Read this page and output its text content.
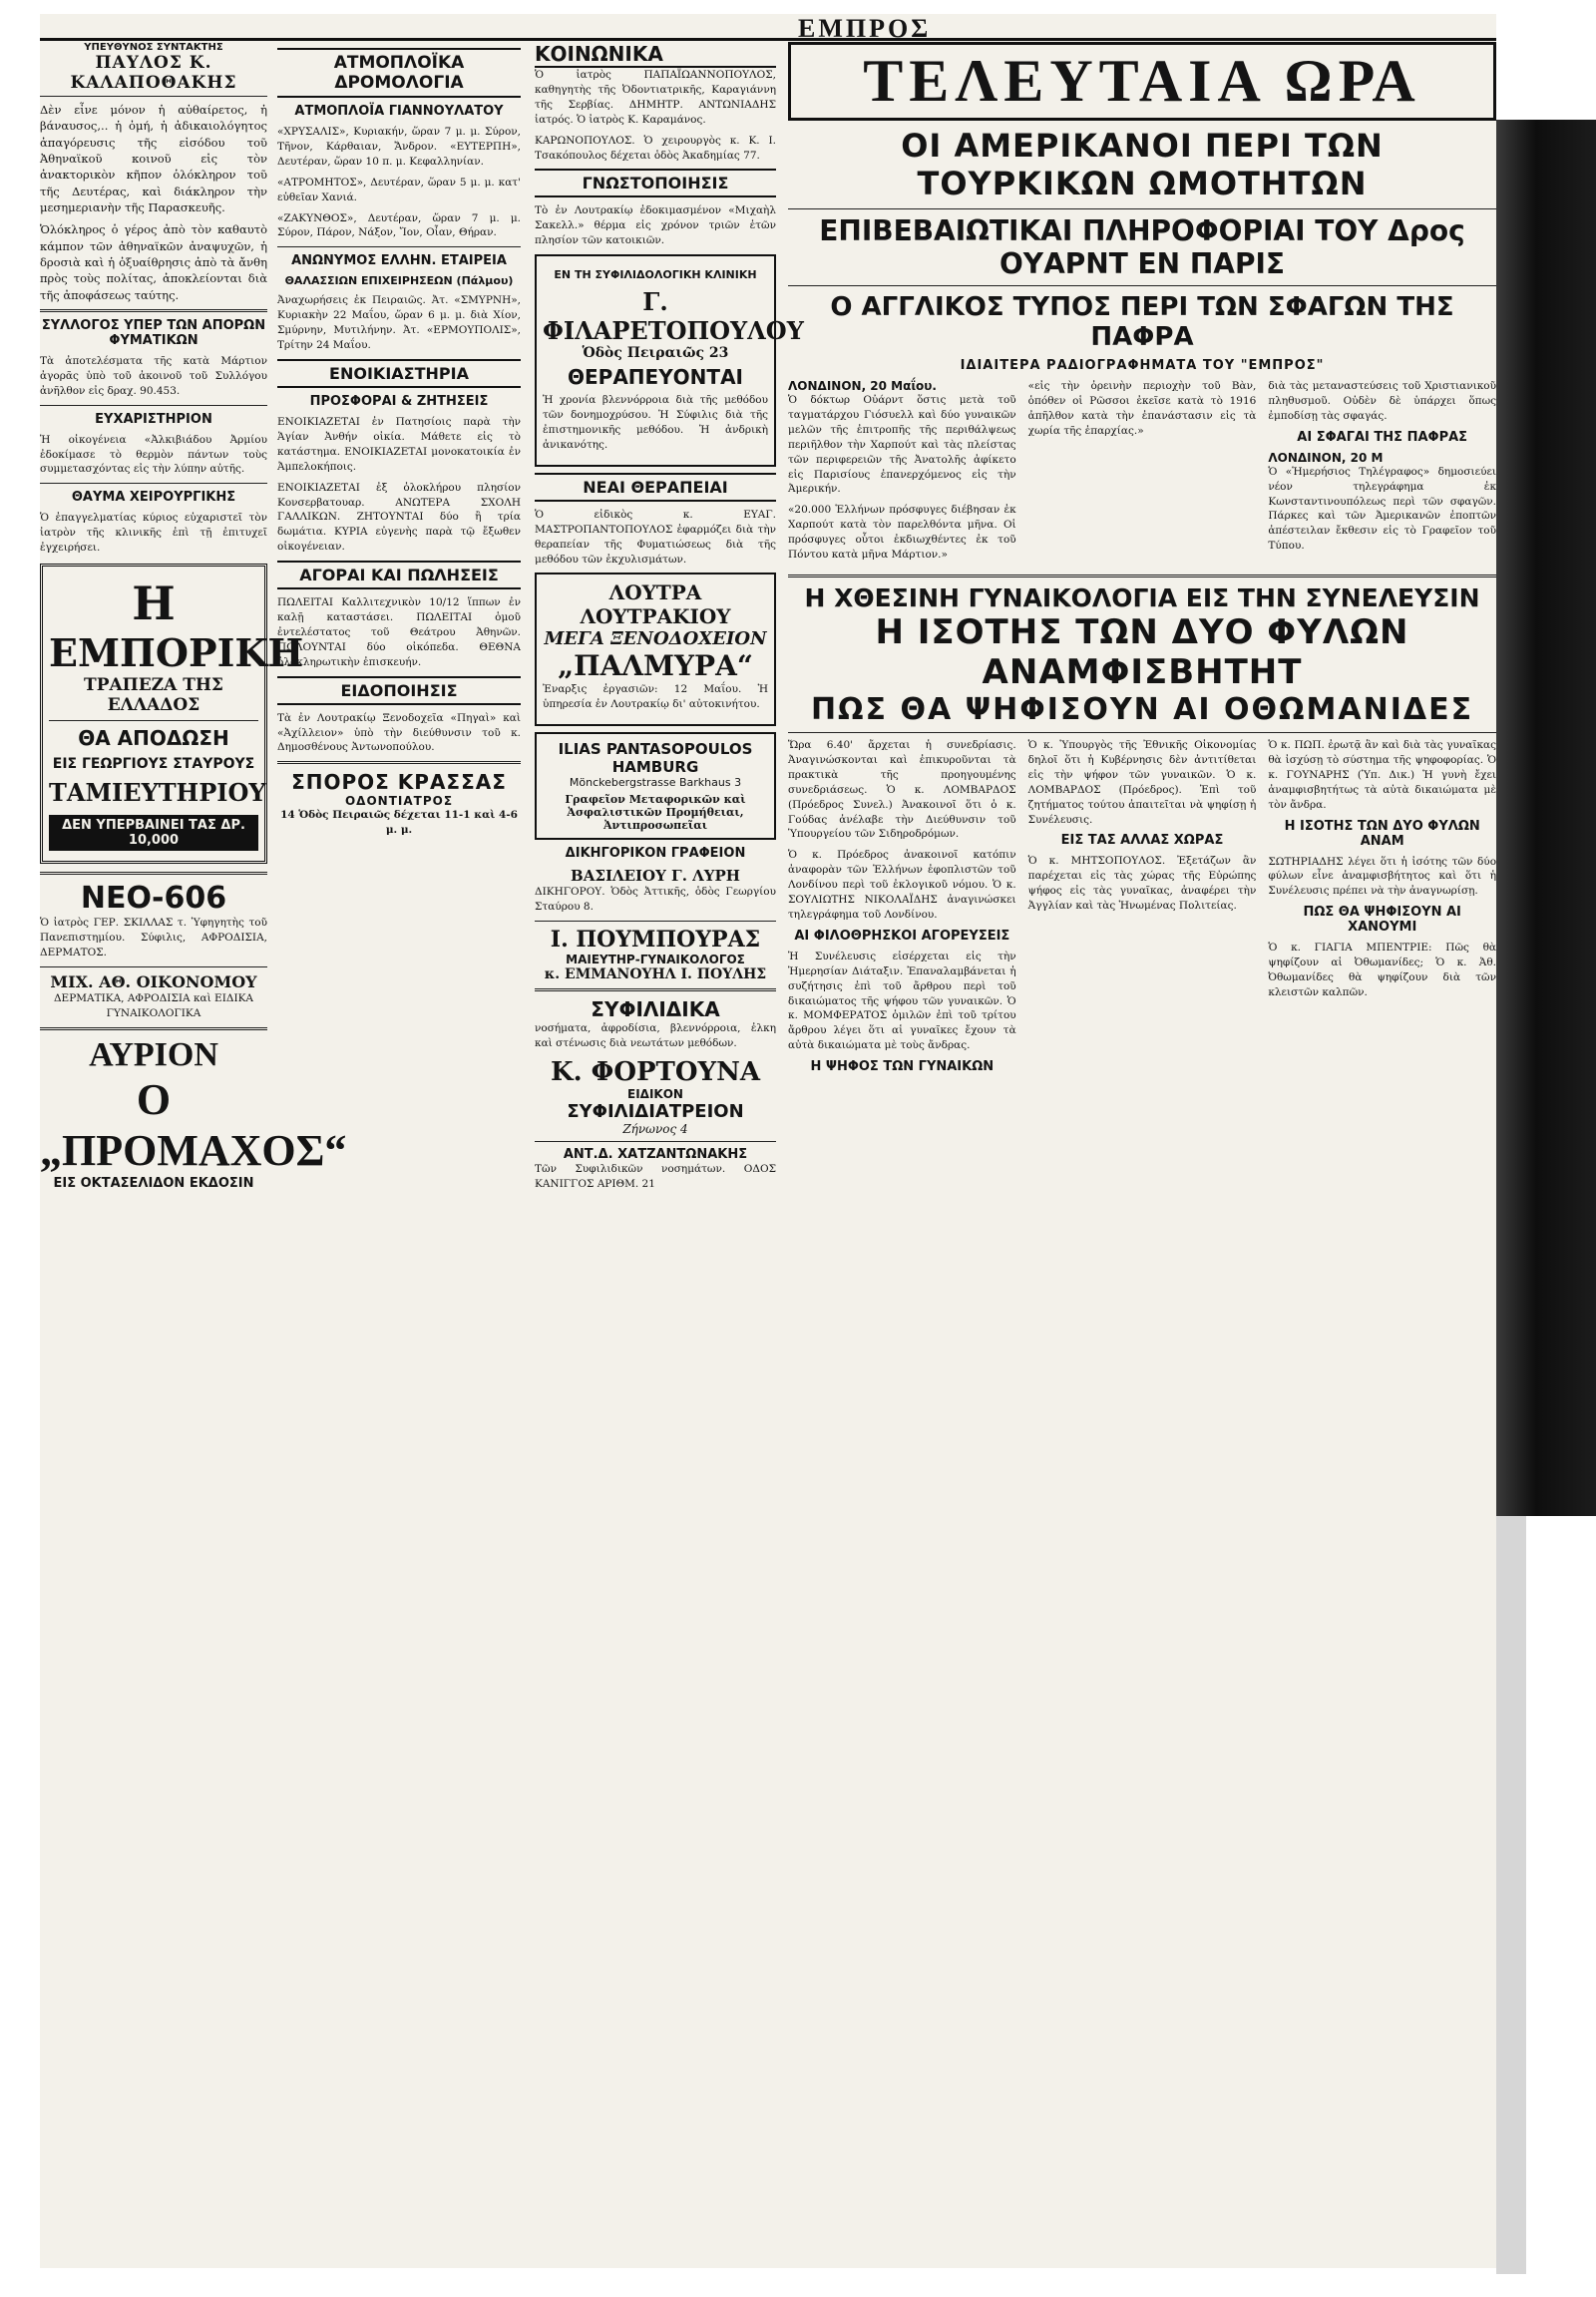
ΕΜΠΡΟΣ
ΥΠΕΥΘΥΝΟΣ ΣΥΝΤΑΚΤΗΣ
ΠΑΥΛΟΣ Κ. ΚΑΛΑΠΟΘΑΚΗΣ

Δὲν εἶνε μόνον ἡ αὐθαίρετος, ἡ βάναυσος,.. ἡ ὀμή, ἡ ἀδικαιολόγητος ἀπαγόρευσις τῆς εἰσόδου τοῦ Ἀθηναϊκοῦ κοινοῦ εἰς τὸν ἀνακτορικὸν κῆπον ὁλόκληρον τοῦ τῆς Δευτέρας, καὶ διάκληρον τὴν μεσημεριανὴν τῆς Παρασκευῆς.

Ὁλόκληρος ὁ γέρος ἀπὸ τὸν καθαυτὸ κάμπον τῶν ἀθηναϊκῶν ἀναψυχῶν, ἡ δροσιὰ καὶ ἡ ὀξυαίθρησις ἀπὸ τὰ ἄνθη πρὸς τοὺς πολίτας, ἀποκλείονται διὰ τῆς ἀποφάσεως ταύτης.

ΣΥΛΛΟΓΟΣ ΥΠΕΡ ΤΩΝ ΑΠΟΡΩΝ ΦΥΜΑΤΙΚΩΝ

Τὰ ἀποτελέσματα τῆς κατὰ Μάρτιον ἀγορᾶς ὑπὸ τοῦ ἀκοινοῦ τοῦ Συλλόγου ἀνῆλθον εἰς δραχ. 90.453.

ΕΥΧΑΡΙΣΤΗΡΙΟΝ

Ἡ οἰκογένεια «Ἀλκιβιάδου Ἀρμίου ἐδοκίμασε τὸ θερμὸν πάντων τοὺς συμμετασχόντας εἰς τὴν λύπην αὐτῆς.

ΘΑΥΜΑ ΧΕΙΡΟΥΡΓΙΚΗΣ

Ὁ ἐπαγγελματίας κύριος εὐχαριστεῖ τὸν ἰατρὸν τῆς κλινικῆς ἐπὶ τῇ ἐπιτυχεῖ ἐγχειρήσει.

Η
ΕΜΠΟΡΙΚΗ
ΤΡΑΠΕΖΑ ΤΗΣ ΕΛΛΑΔΟΣ
ΘΑ ΑΠΟΔΩΣΗ
ΕΙΣ ΓΕΩΡΓΙΟΥΣ ΣΤΑΥΡΟΥΣ
ΤΑΜΙΕΥΤΗΡΙΟΥ
ΔΕΝ ΥΠΕΡΒΑΙΝΕΙ ΤΑΣ ΔΡ. 10,000
ΝΕΟ-606

Ὁ ἰατρὸς ΓΕΡ. ΣΚΙΛΛΑΣ τ. Ὑφηγητὴς τοῦ Πανεπιστημίου. Σύφιλις, ΑΦΡΟΔΙΣΙΑ, ΔΕΡΜΑΤΟΣ.

ΜΙΧ. ΑΘ. ΟΙΚΟΝΟΜΟΥ

ΔΕΡΜΑΤΙΚΑ, ΑΦΡΟΔΙΣΙΑ καὶ ΕΙΔΙΚΑ ΓΥΝΑΙΚΟΛΟΓΙΚΑ

ΑΥΡΙΟΝ
Ο „ΠΡΟΜΑΧΟΣ“
ΕΙΣ ΟΚΤΑΣΕΛΙΔΟΝ ΕΚΔΟΣΙΝ
ΑΤΜΟΠΛΟΪΚΑ ΔΡΟΜΟΛΟΓΙΑ
ΑΤΜΟΠΛΟΪΑ ΓΙΑΝΝΟΥΛΑΤΟΥ

«ΧΡΥΣΑΛΙΣ», Κυριακήν, ὥραν 7 μ. μ. Σύρον, Τῆνον, Κάρθαιαν, Ἄνδρον. «ΕΥΤΕΡΠΗ», Δευτέραν, ὥραν 10 π. μ. Κεφαλληνίαν.

«ΑΤΡΟΜΗΤΟΣ», Δευτέραν, ὥραν 5 μ. μ. κατ' εὐθεῖαν Χανιά.

«ΖΑΚΥΝΘΟΣ», Δευτέραν, ὥραν 7 μ. μ. Σύρον, Πάρον, Νάξον, Ἴον, Οἶαν, Θήραν.

ΑΝΩΝΥΜΟΣ ΕΛΛΗΝ. ΕΤΑΙΡΕΙΑ
ΘΑΛΑΣΣΙΩΝ ΕΠΙΧΕΙΡΗΣΕΩΝ (Πάλμου)

Ἀναχωρήσεις ἐκ Πειραιῶς. Ἀτ. «ΣΜΥΡΝΗ», Κυριακὴν 22 Μαΐου, ὥραν 6 μ. μ. διὰ Χίον, Σμύρνην, Μυτιλήνην. Ἀτ. «ΕΡΜΟΥΠΟΛΙΣ», Τρίτην 24 Μαΐου.

ΕΝΟΙΚΙΑΣΤΗΡΙΑ
ΠΡΟΣΦΟΡΑΙ & ΖΗΤΗΣΕΙΣ

ΕΝΟΙΚΙΑΖΕΤΑΙ ἐν Πατησίοις παρὰ τὴν Ἁγίαν Ἀνθήν οἰκία. Μάθετε εἰς τὸ κατάστημα. ΕΝΟΙΚΙΑΖΕΤΑΙ μονοκατοικία ἐν Ἀμπελοκήποις.

ΕΝΟΙΚΙΑΖΕΤΑΙ ἐξ ὁλοκλήρου πλησίον Κονσερβατουαρ. ΑΝΩΤΕΡΑ ΣΧΟΛΗ ΓΑΛΛΙΚΩΝ. ΖΗΤΟΥΝΤΑΙ δύο ἢ τρία δωμάτια. ΚΥΡΙΑ εὐγενὴς παρὰ τῷ ἔξωθεν οἰκογένειαν.

ΑΓΟΡΑΙ ΚΑΙ ΠΩΛΗΣΕΙΣ

ΠΩΛΕΙΤΑΙ Καλλιτεχνικὸν 10/12 ἵππων ἐν καλῇ καταστάσει. ΠΩΛΕΙΤΑΙ ὁμοῦ ἐντελέστατος τοῦ Θεάτρου Ἀθηνῶν. ΠΩΛΟΥΝΤΑΙ δύο οἰκόπεδα. ΘΕΘΝΑ ὀλοκληρωτικὴν ἐπισκευήν.

ΕΙΔΟΠΟΙΗΣΙΣ

Τὰ ἐν Λουτρακίῳ Ξενοδοχεῖα «Πηγαὶ» καὶ «Ἀχίλλειον» ὑπὸ τὴν διεύθυνσιν τοῦ κ. Δημοσθένους Ἀντωνοπούλου.

ΣΠΟΡΟΣ ΚΡΑΣΣΑΣ
ΟΔΟΝΤΙΑΤΡΟΣ

14 Ὁδὸς Πειραιῶς δέχεται 11-1 καὶ 4-6 μ. μ.

ΚΟΙΝΩΝΙΚΑ

Ὁ ἰατρὸς ΠΑΠΑΪΩΑΝΝΟΠΟΥΛΟΣ, καθηγητὴς τῆς Ὀδοντιατρικῆς, Καραγιάννη τῆς Σερβίας. ΔΗΜΗΤΡ. ΑΝΤΩΝΙΑΔΗΣ ἰατρός. Ὁ ἰατρὸς Κ. Καραμάνος.

ΚΑΡΩΝΟΠΟΥΛΟΣ. Ὁ χειρουργὸς κ. Κ. Ι. Τσακόπουλος δέχεται ὁδὸς Ἀκαδημίας 77.

ΓΝΩΣΤΟΠΟΙΗΣΙΣ

Τὸ ἐν Λουτρακίῳ ἐδοκιμασμένον «Μιχαὴλ Σακελλ.» θέρμα εἰς χρόνον τριῶν ἐτῶν πλησίον τῶν κατοικιῶν.

ΕΝ ΤΗ ΣΥΦΙΛΙΔΟΛΟΓΙΚΗ ΚΛΙΝΙΚΗ
Γ. ΦΙΛΑΡΕΤΟΠΟΥΛΟΥ
Ὁδὸς Πειραιῶς 23
ΘΕΡΑΠΕΥΟΝΤΑΙ

Ἡ χρονία βλεννόρροια διὰ τῆς μεθόδου τῶν δονημοχρύσου. Ἡ Σύφιλις διὰ τῆς ἐπιστημονικῆς μεθόδου. Ἡ ἀνδρικὴ ἀνικανότης.

ΝΕΑΙ ΘΕΡΑΠΕΙΑΙ

Ὁ εἰδικὸς κ. ΕΥΑΓ. ΜΑΣΤΡΟΠΑΝΤΟΠΟΥΛΟΣ ἐφαρμόζει διὰ τὴν θεραπείαν τῆς Φυματιώσεως διὰ τῆς μεθόδου τῶν ἐκχυλισμάτων.

ΛΟΥΤΡΑ ΛΟΥΤΡΑΚΙΟΥ
ΜΕΓΑ ΞΕΝΟΔΟΧΕΙΟΝ
„ΠΑΛΜΥΡΑ“

Ἐναρξις ἐργασιῶν: 12 Μαΐου. Ἡ ὑπηρεσία ἐν Λουτρακίῳ δι' αὐτοκινήτου.

ILIAS PANTASOPOULOS
HAMBURG
Mönckebergstrasse Barkhaus 3
Γραφεῖον Μεταφορικῶν καὶ Ἀσφαλιστικῶν Προμήθειαι, Ἀντιπροσωπεῖαι
ΔΙΚΗΓΟΡΙΚΟΝ ΓΡΑΦΕΙΟΝ
ΒΑΣΙΛΕΙΟΥ Γ. ΛΥΡΗ

ΔΙΚΗΓΟΡΟΥ. Ὁδὸς Ἀττικῆς, ὁδὸς Γεωργίου Σταύρου 8.

Ι. ΠΟΥΜΠΟΥΡΑΣ
ΜΑΙΕΥΤΗΡ-ΓΥΝΑΙΚΟΛΟΓΟΣ
κ. ΕΜΜΑΝΟΥΗΛ Ι. ΠΟΥΛΗΣ
ΣΥΦΙΛΙΔΙΚΑ

νοσήματα, ἀφροδίσια, βλεννόρροια, ἐλκη καὶ στένωσις διὰ νεωτάτων μεθόδων.

Κ. ΦΟΡΤΟΥΝΑ
ΕΙΔΙΚΟΝ
ΣΥΦΙΛΙΔΙΑΤΡΕΙΟΝ
Ζήνωνος 4
ΑΝΤ.Δ. ΧΑΤΖΑΝΤΩΝΑΚΗΣ

Τῶν Συφιλιδικῶν νοσημάτων. ΟΔΟΣ ΚΑΝΙΓΓΟΣ ΑΡΙΘΜ. 21

ΤΕΛΕΥΤΑΙΑ ΩΡΑ
ΟΙ ΑΜΕΡΙΚΑΝΟΙ ΠΕΡΙ ΤΩΝ ΤΟΥΡΚΙΚΩΝ ΩΜΟΤΗΤΩΝ
ΕΠΙΒΕΒΑΙΩΤΙΚΑΙ ΠΛΗΡΟΦΟΡΙΑΙ ΤΟΥ Δρος ΟΥΑΡΝΤ ΕΝ ΠΑΡΙΣ
Ο ΑΓΓΛΙΚΟΣ ΤΥΠΟΣ ΠΕΡΙ ΤΩΝ ΣΦΑΓΩΝ ΤΗΣ ΠΑΦΡΑ
ΙΔΙΑΙΤΕΡΑ ΡΑΔΙΟΓΡΑΦΗΜΑΤΑ ΤΟΥ "ΕΜΠΡΟΣ"
ΛΟΝΔΙΝΟΝ, 20 Μαΐου.

Ὁ δόκτωρ Οὐάρντ ὅστις μετὰ τοῦ ταγματάρχου Γιόσυελλ καὶ δύο γυναικῶν μελῶν τῆς ἐπιτροπῆς τῆς περιθάλψεως περιῆλθον τὴν Χαρπούτ καὶ τὰς πλείστας τῶν περιφερειῶν τῆς Ἀνατολῆς ἀφίκετο εἰς Παρισίους ἐπανερχόμενος εἰς τὴν Ἀμερικήν.

«20.000 Ἑλλήνων πρόσφυγες διέβησαν ἐκ Χαρπούτ κατὰ τὸν παρελθόντα μῆνα. Οἱ πρόσφυγες οὗτοι ἐκδιωχθέντες ἐκ τοῦ Πόντου κατὰ μῆνα Μάρτιον.»

«εἰς τὴν ὀρεινὴν περιοχὴν τοῦ Βὰν, ὁπόθεν οἱ Ρῶσσοι ἐκεῖσε κατὰ τὸ 1916 ἀπῆλθον κατὰ τὴν ἐπανάστασιν εἰς τὰ χωρία τῆς ἐπαρχίας.»

διὰ τὰς μεταναστεύσεις τοῦ Χριστιανικοῦ πληθυσμοῦ. Οὐδὲν δὲ ὑπάρχει ὅπως ἐμποδίσῃ τὰς σφαγάς.

ΑΙ ΣΦΑΓΑΙ ΤΗΣ ΠΑΦΡΑΣ
ΛΟΝΔΙΝΟΝ, 20 Μ

Ὁ «Ἡμερήσιος Τηλέγραφος» δημοσιεύει νέον τηλεγράφημα ἐκ Κωνσταντινουπόλεως περὶ τῶν σφαγῶν. Πάρκες καὶ τῶν Ἀμερικανῶν ἐποπτῶν ἀπέστειλαν ἔκθεσιν εἰς τὸ Γραφεῖον τοῦ Τύπου.

Η ΧΘΕΣΙΝΗ ΓΥΝΑΙΚΟΛΟΓΙΑ ΕΙΣ ΤΗΝ ΣΥΝΕΛΕΥΣΙΝ
Η ΙΣΟΤΗΣ ΤΩΝ ΔΥΟ ΦΥΛΩΝ ΑΝΑΜΦΙΣΒΗΤΗΤ
ΠΩΣ ΘΑ ΨΗΦΙΣΟΥΝ ΑΙ ΟΘΩΜΑΝΙΔΕΣ

Ὥρα 6.40' ἄρχεται ἡ συνεδρίασις. Ἀναγινώσκονται καὶ ἐπικυροῦνται τὰ πρακτικὰ τῆς προηγουμένης συνεδριάσεως. Ὁ κ. ΛΟΜΒΑΡΔΟΣ (Πρόεδρος Συνελ.) Ἀνακοινοῖ ὅτι ὁ κ. Γούδας ἀνέλαβε τὴν Διεύθυνσιν τοῦ Ὑπουργείου τῶν Σιδηροδρόμων.

Ὁ κ. Πρόεδρος ἀνακοινοῖ κατόπιν ἀναφορὰν τῶν Ἑλλήνων ἐφοπλιστῶν τοῦ Λονδίνου περὶ τοῦ ἐκλογικοῦ νόμου. Ὁ κ. ΣΟΥΛΙΩΤΗΣ ΝΙΚΟΛΑΪΔΗΣ ἀναγινώσκει τηλεγράφημα τοῦ Λονδίνου.

ΑΙ ΦΙΛΟΘΡΗΣΚΟΙ ΑΓΟΡΕΥΣΕΙΣ

Ἡ Συνέλευσις εἰσέρχεται εἰς τὴν Ἡμερησίαν Διάταξιν. Ἐπαναλαμβάνεται ἡ συζήτησις ἐπὶ τοῦ ἄρθρου περὶ τοῦ δικαιώματος τῆς ψήφου τῶν γυναικῶν. Ὁ κ. ΜΟΜΦΕΡΑΤΟΣ ὁμιλῶν ἐπὶ τοῦ τρίτου ἄρθρου λέγει ὅτι αἱ γυναῖκες ἔχουν τὰ αὐτὰ δικαιώματα μὲ τοὺς ἄνδρας.

Η ΨΗΦΟΣ ΤΩΝ ΓΥΝΑΙΚΩΝ

Ὁ κ. Ὑπουργὸς τῆς Ἐθνικῆς Οἰκονομίας δηλοῖ ὅτι ἡ Κυβέρνησις δὲν ἀντιτίθεται εἰς τὴν ψήφον τῶν γυναικῶν. Ὁ κ. ΛΟΜΒΑΡΔΟΣ (Πρόεδρος). Ἐπὶ τοῦ ζητήματος τούτου ἀπαιτεῖται νὰ ψηφίσῃ ἡ Συνέλευσις.

ΕΙΣ ΤΑΣ ΑΛΛΑΣ ΧΩΡΑΣ

Ὁ κ. ΜΗΤΣΟΠΟΥΛΟΣ. Ἐξετάζων ἂν παρέχεται εἰς τὰς χώρας τῆς Εὐρώπης ψήφος εἰς τὰς γυναῖκας, ἀναφέρει τὴν Ἀγγλίαν καὶ τὰς Ἡνωμένας Πολιτείας.

Ὁ κ. ΠΩΠ. ἐρωτᾷ ἂν καὶ διὰ τὰς γυναῖκας θὰ ἰσχύσῃ τὸ σύστημα τῆς ψηφοφορίας. Ὁ κ. ΓΟΥΝΑΡΗΣ (Ὑπ. Δικ.) Ἡ γυνὴ ἔχει ἀναμφισβητήτως τὰ αὐτὰ δικαιώματα μὲ τὸν ἄνδρα.

Η ΙΣΟΤΗΣ ΤΩΝ ΔΥΟ ΦΥΛΩΝ ΑΝΑΜ

ΣΩΤΗΡΙΑΔΗΣ λέγει ὅτι ἡ ἰσότης τῶν δύο φύλων εἶνε ἀναμφισβήτητος καὶ ὅτι ἡ Συνέλευσις πρέπει νὰ τὴν ἀναγνωρίσῃ.

ΠΩΣ ΘΑ ΨΗΦΙΣΟΥΝ ΑΙ ΧΑΝΟΥΜΙ

Ὁ κ. ΓΙΑΓΙΑ ΜΠΕΝΤΡΙΕ: Πῶς θὰ ψηφίζουν αἱ Ὀθωμανίδες; Ὁ κ. Ἀθ. Ὀθωμανίδες θὰ ψηφίζουν διὰ τῶν κλειστῶν καλπῶν.
